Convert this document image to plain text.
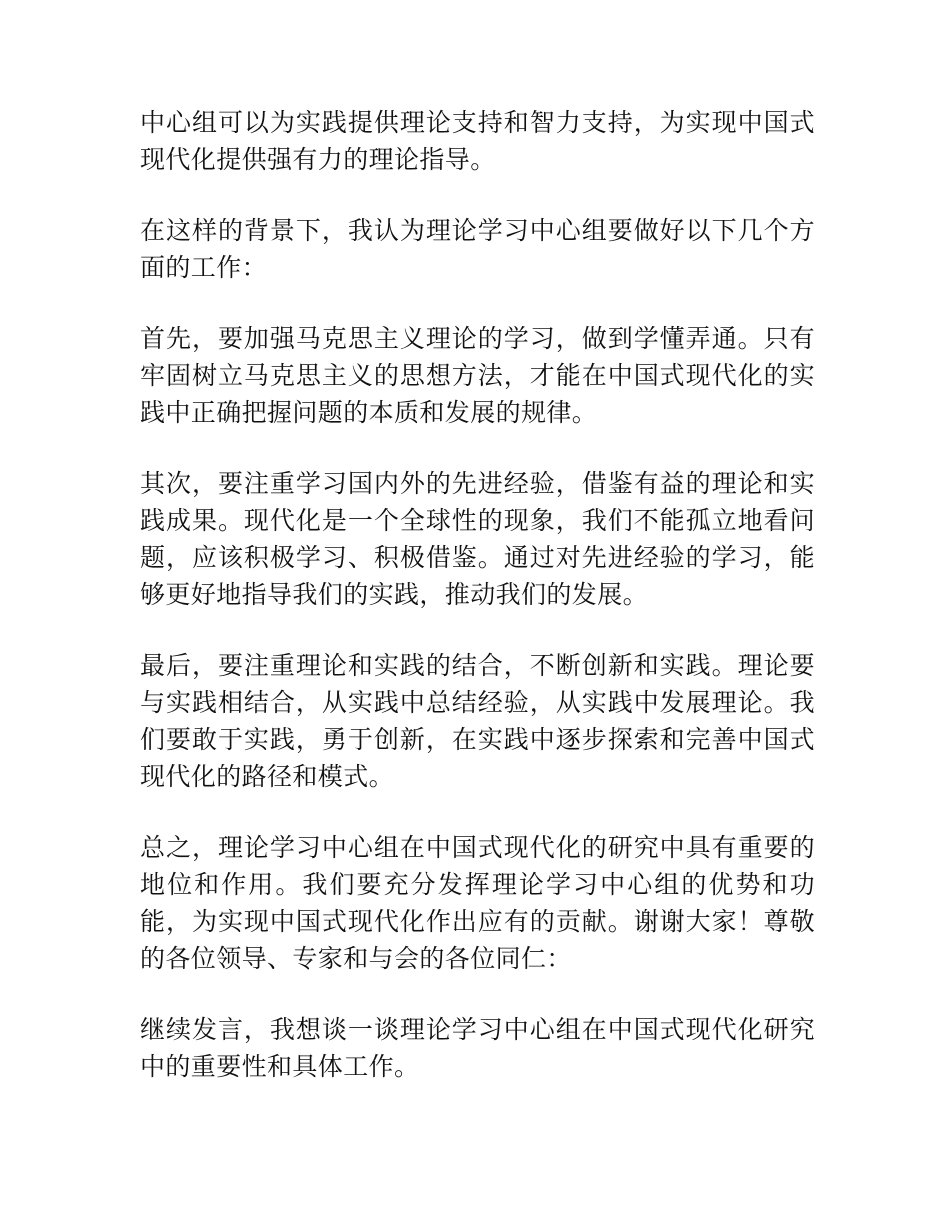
中心组可以为实践提供理论支持和智力支持，为实现中国式现代化提供强有力的理论指导。

在这样的背景下，我认为理论学习中心组要做好以下几个方面的工作：

首先，要加强马克思主义理论的学习，做到学懂弄通。只有牢固树立马克思主义的思想方法，才能在中国式现代化的实践中正确把握问题的本质和发展的规律。

其次，要注重学习国内外的先进经验，借鉴有益的理论和实践成果。现代化是一个全球性的现象，我们不能孤立地看问题，应该积极学习、积极借鉴。通过对先进经验的学习，能够更好地指导我们的实践，推动我们的发展。

最后，要注重理论和实践的结合，不断创新和实践。理论要与实践相结合，从实践中总结经验，从实践中发展理论。我们要敢于实践，勇于创新，在实践中逐步探索和完善中国式现代化的路径和模式。

总之，理论学习中心组在中国式现代化的研究中具有重要的地位和作用。我们要充分发挥理论学习中心组的优势和功能，为实现中国式现代化作出应有的贡献。谢谢大家！尊敬的各位领导、专家和与会的各位同仁：

继续发言，我想谈一谈理论学习中心组在中国式现代化研究中的重要性和具体工作。
